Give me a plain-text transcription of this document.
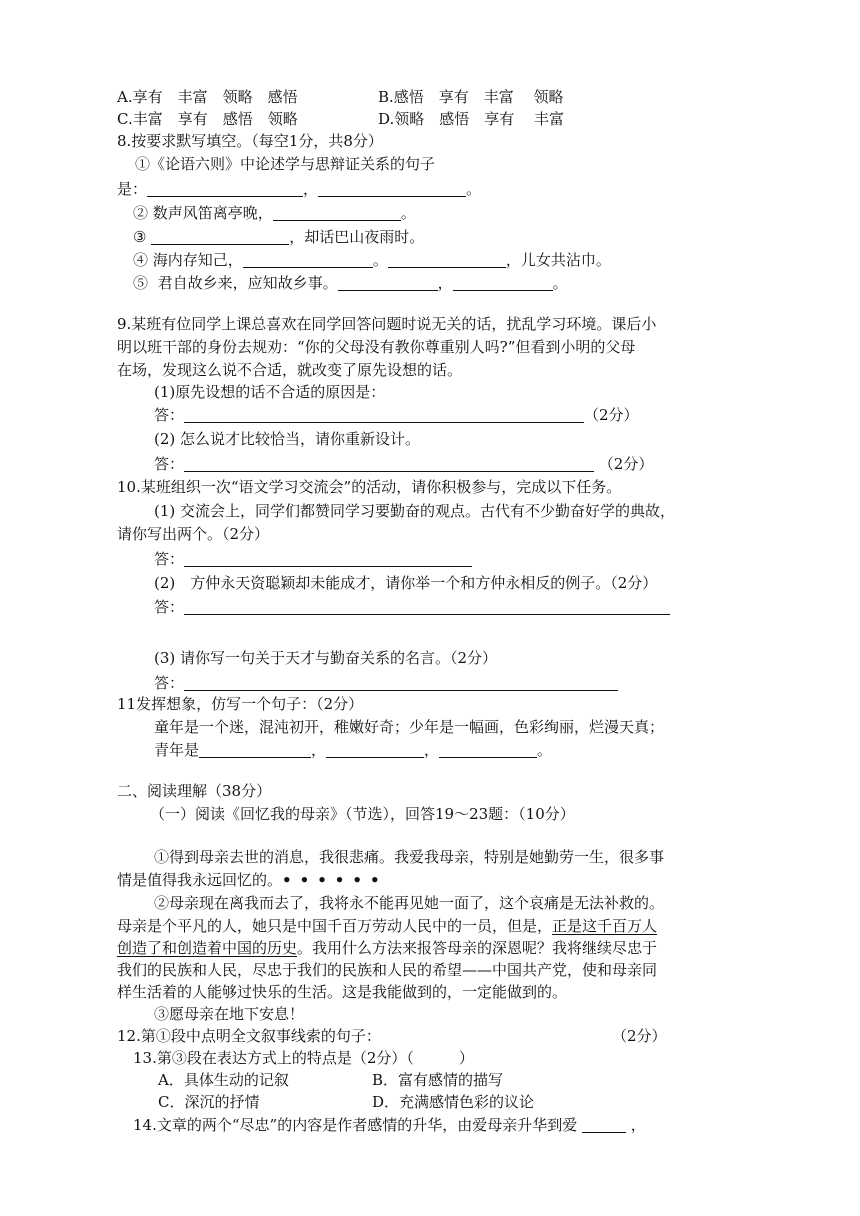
A.享有　丰富　领略　感悟	B.感悟　享有　丰富　 领略
C.丰富　享有　感悟　领略	D.领略　感悟　享有　 丰富
8.按要求默写填空。（每空1分，共8分）
①《论语六则》中论述学与思辩证关系的句子
是：	，	。
② 数声风笛离亭晚，	。
③	，却话巴山夜雨时。
④ 海内存知己，	。	，儿女共沾巾。
⑤ 君自故乡来，应知故乡事。	，	。
9.某班有位同学上课总喜欢在同学回答问题时说无关的话，扰乱学习环境。课后小
明以班干部的身份去规劝：“你的父母没有教你尊重别人吗?”但看到小明的父母
在场，发现这么说不合适，就改变了原先设想的话。
(1)原先设想的话不合适的原因是：
答：	（2分）
(2) 怎么说才比较恰当，请你重新设计。
答：	（2分）
10.某班组织一次“语文学习交流会”的活动，请你积极参与，完成以下任务。
(1) 交流会上，同学们都赞同学习要勤奋的观点。古代有不少勤奋好学的典故，
请你写出两个。（2分）
答：
(2)　方仲永天资聪颖却未能成才，请你举一个和方仲永相反的例子。（2分）
答：
(3) 请你写一句关于天才与勤奋关系的名言。（2分）
答：
11发挥想象，仿写一个句子：（2分）
童年是一个迷，混沌初开，稚嫩好奇；少年是一幅画，色彩绚丽，烂漫天真；
青年是	，	，	。
二、阅读理解（38分）
（一）阅读《回忆我的母亲》（节选），回答19～23题：（10分）
①得到母亲去世的消息，我很悲痛。我爱我母亲，特别是她勤劳一生，很多事
情是值得我永远回忆的。••••••
②母亲现在离我而去了，我将永不能再见她一面了，这个哀痛是无法补救的。
母亲是个平凡的人，她只是中国千百万劳动人民中的一员，但是，正是这千百万人
创造了和创造着中国的历史。我用什么方法来报答母亲的深恩呢？我将继续尽忠于
我们的民族和人民，尽忠于我们的民族和人民的希望——中国共产党，使和母亲同
样生活着的人能够过快乐的生活。这是我能做到的，一定能做到的。
③愿母亲在地下安息！
12.第①段中点明全文叙事线索的句子：	（2分）
13.第③段在表达方式上的特点是（2分）（　　　）
A．具体生动的记叙	B．富有感情的描写
C．深沉的抒情	D．充满感情色彩的议论
14.文章的两个“尽忠”的内容是作者感情的升华，由爱母亲升华到爱	，
